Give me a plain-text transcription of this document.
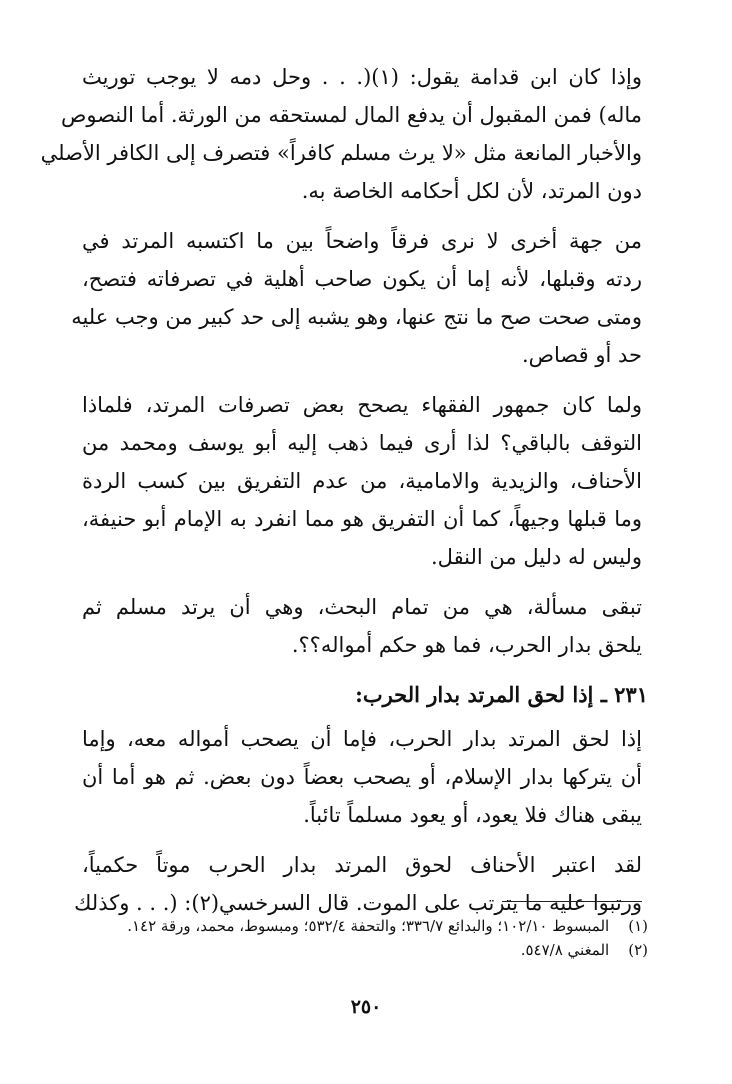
وإذا كان ابن قدامة يقول: (١)(. . . وحل دمه لا يوجب توريث
ماله) فمن المقبول أن يدفع المال لمستحقه من الورثة. أما النصوص
والأخبار المانعة مثل «لا يرث مسلم كافراً» فتصرف إلى الكافر الأصلي
دون المرتد، لأن لكل أحكامه الخاصة به.

من جهة أخرى لا نرى فرقاً واضحاً بين ما اكتسبه المرتد في
ردته وقبلها، لأنه إما أن يكون صاحب أهلية في تصرفاته فتصح،
ومتى صحت صح ما نتج عنها، وهو يشبه إلى حد كبير من وجب عليه
حد أو قصاص.

ولما كان جمهور الفقهاء يصحح بعض تصرفات المرتد، فلماذا
التوقف بالباقي؟ لذا أرى فيما ذهب إليه أبو يوسف ومحمد من
الأحناف، والزيدية والامامية، من عدم التفريق بين كسب الردة
وما قبلها وجيهاً، كما أن التفريق هو مما انفرد به الإمام أبو حنيفة،
وليس له دليل من النقل.

تبقى مسألة، هي من تمام البحث، وهي أن يرتد مسلم ثم
يلحق بدار الحرب، فما هو حكم أمواله؟؟.

٢٣١ ـ إذا لحق المرتد بدار الحرب:

إذا لحق المرتد بدار الحرب، فإما أن يصحب أمواله معه، وإما
أن يتركها بدار الإسلام، أو يصحب بعضاً دون بعض. ثم هو أما أن
يبقى هناك فلا يعود، أو يعود مسلماً تائباً.

لقد اعتبر الأحناف لحوق المرتد بدار الحرب موتاً حكمياً،
ورتبوا عليه ما يترتب على الموت. قال السرخسي(٢): (. . . وكذلك

(١) المبسوط ١٠٢/١٠؛ والبدائع ٣٣٦/٧؛ والتحفة ٥٣٢/٤؛ ومبسوط، محمد، ورقة ١٤٢.
(٢) المغني ٥٤٧/٨.
٢٥٠
